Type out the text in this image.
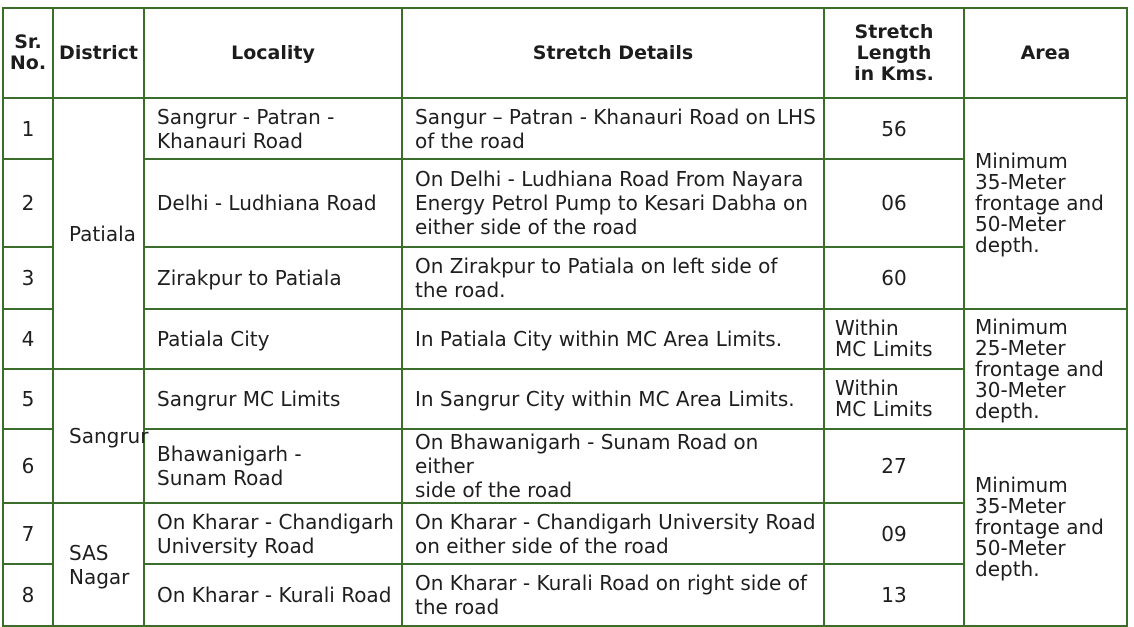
Sr.
No.	District	Locality	Stretch Details	Stretch
Length
in Kms.	Area
1	Patiala	Sangrur - Patran -
Khanauri Road	Sangur – Patran - Khanauri Road on LHS
of the road	56	Minimum
35-Meter
frontage and
50-Meter
depth.
2		Delhi - Ludhiana Road	On Delhi - Ludhiana Road From Nayara
Energy Petrol Pump to Kesari Dabha on
either side of the road	06	
3		Zirakpur to Patiala	On Zirakpur to Patiala on left side of
the road.	60	
4		Patiala City	In Patiala City within MC Area Limits.	Within
MC Limits	Minimum
25-Meter
frontage and
30-Meter
depth.
5	Sangrur	Sangrur MC Limits	In Sangrur City within MC Area Limits.	Within
MC Limits	
6		Bhawanigarh -
Sunam Road	On Bhawanigarh - Sunam Road on either
side of the road	27	Minimum
35-Meter
frontage and
50-Meter
depth.
7	SAS
Nagar	On Kharar - Chandigarh
University Road	On Kharar - Chandigarh University Road
on either side of the road	09	
8		On Kharar - Kurali Road	On Kharar - Kurali Road on right side of
the road	13	
